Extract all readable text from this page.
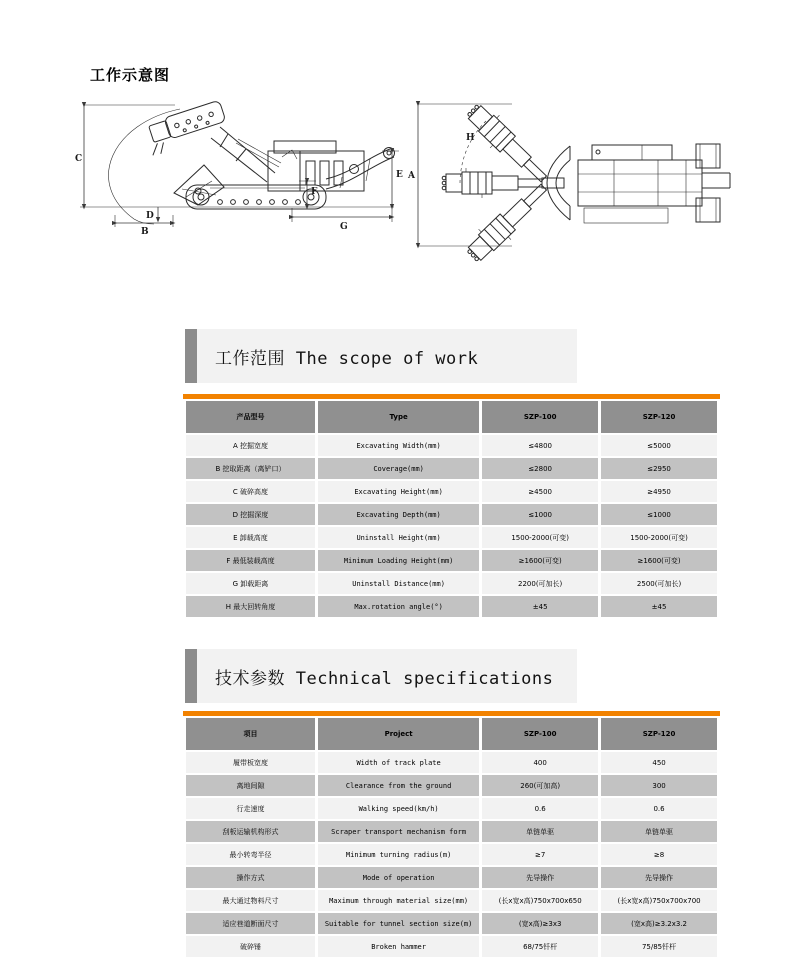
工作示意图
C
B
D
E
F
G
A
H
工作范围 The scope of work
产品型号	Type	SZP-100	SZP-120
A 挖掘宽度	Excavating Width(mm)	≤4800	≤5000
B 挖取距离（离铲口）	Coverage(mm)	≤2800	≤2950
C 破碎高度	Excavating Height(mm)	≥4500	≥4950
D 挖掘深度	Excavating Depth(mm)	≤1000	≤1000
E 卸载高度	Uninstall Height(mm)	1500-2000(可变)	1500-2000(可变)
F 最低装载高度	Minimum Loading Height(mm)	≥1600(可变)	≥1600(可变)
G 卸载距离	Uninstall Distance(mm)	2200(可加长)	2500(可加长)
H 最大回转角度	Max.rotation angle(°)	±45	±45
技术参数 Technical specifications
项目	Project	SZP-100	SZP-120
履带板宽度	Width of track plate	400	450
离地间隙	Clearance from the ground	260(可加高)	300
行走速度	Walking speed(km/h)	0.6	0.6
刮板运输机构形式	Scraper transport mechanism form	单链单驱	单链单驱
最小转弯半径	Minimum turning radius(m)	≥7	≥8
操作方式	Mode of operation	先导操作	先导操作
最大通过物料尺寸	Maximum through material size(mm)	(长x宽x高)750x700x650	(长x宽x高)750x700x700
适应巷道断面尺寸	Suitable for tunnel section size(m)	(宽x高)≥3x3	(宽x高)≥3.2x3.2
破碎锤	Broken hammer	68/75钎杆	75/85钎杆
